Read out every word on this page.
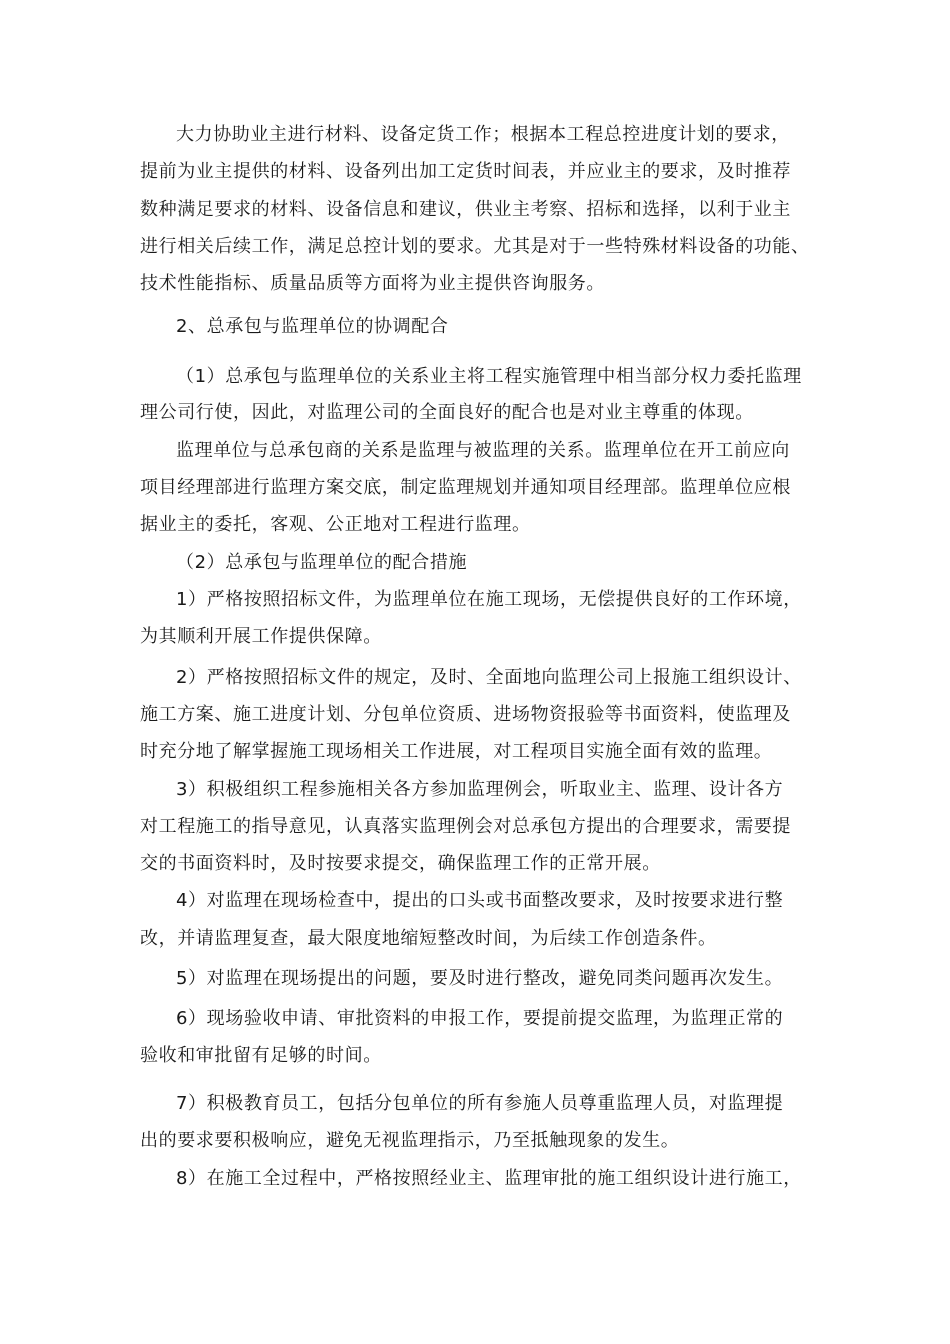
大力协助业主进行材料、设备定货工作；根据本工程总控进度计划的要求，
提前为业主提供的材料、设备列出加工定货时间表，并应业主的要求，及时推荐
数种满足要求的材料、设备信息和建议，供业主考察、招标和选择，以利于业主
进行相关后续工作，满足总控计划的要求。尤其是对于一些特殊材料设备的功能、
技术性能指标、质量品质等方面将为业主提供咨询服务。
2、总承包与监理单位的协调配合
（1）总承包与监理单位的关系业主将工程实施管理中相当部分权力委托监理
理公司行使，因此，对监理公司的全面良好的配合也是对业主尊重的体现。
监理单位与总承包商的关系是监理与被监理的关系。监理单位在开工前应向
项目经理部进行监理方案交底，制定监理规划并通知项目经理部。监理单位应根
据业主的委托，客观、公正地对工程进行监理。
（2）总承包与监理单位的配合措施
1）严格按照招标文件，为监理单位在施工现场，无偿提供良好的工作环境，
为其顺利开展工作提供保障。
2）严格按照招标文件的规定，及时、全面地向监理公司上报施工组织设计、
施工方案、施工进度计划、分包单位资质、进场物资报验等书面资料，使监理及
时充分地了解掌握施工现场相关工作进展，对工程项目实施全面有效的监理。
3）积极组织工程参施相关各方参加监理例会，听取业主、监理、设计各方
对工程施工的指导意见，认真落实监理例会对总承包方提出的合理要求，需要提
交的书面资料时，及时按要求提交，确保监理工作的正常开展。
4）对监理在现场检查中，提出的口头或书面整改要求，及时按要求进行整
改，并请监理复查，最大限度地缩短整改时间，为后续工作创造条件。
5）对监理在现场提出的问题，要及时进行整改，避免同类问题再次发生。
6）现场验收申请、审批资料的申报工作，要提前提交监理，为监理正常的
验收和审批留有足够的时间。
7）积极教育员工，包括分包单位的所有参施人员尊重监理人员，对监理提
出的要求要积极响应，避免无视监理指示，乃至抵触现象的发生。
8）在施工全过程中，严格按照经业主、监理审批的施工组织设计进行施工，
